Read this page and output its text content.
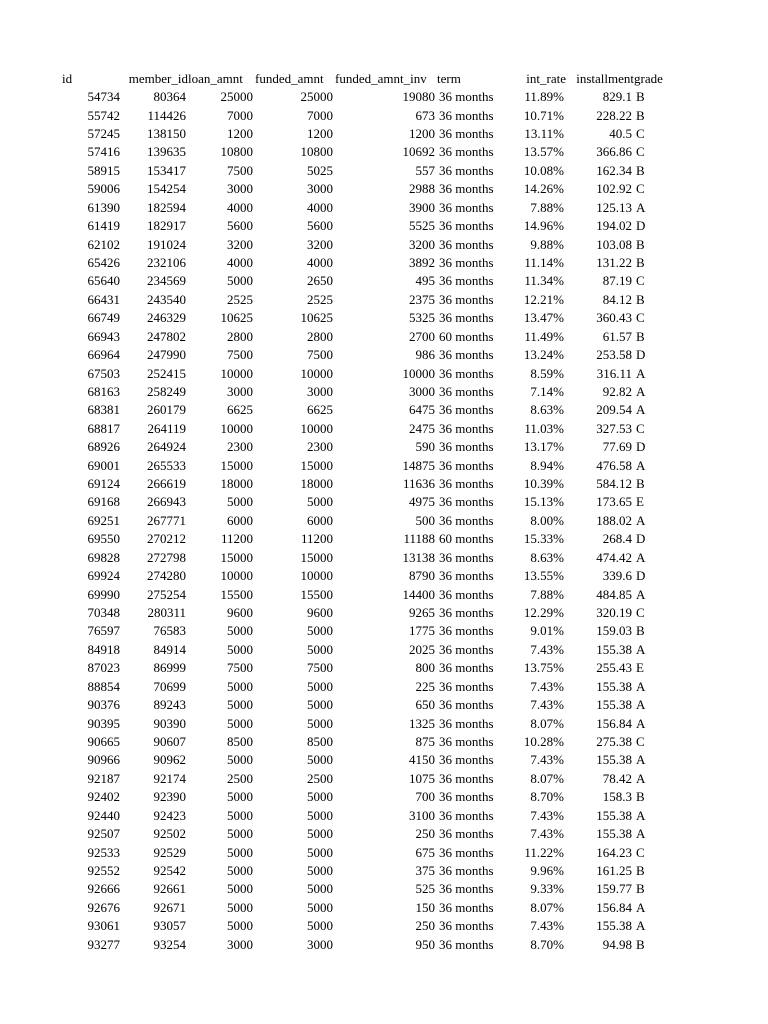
id	member_id	loan_amnt	funded_amnt	funded_amnt_inv	term	int_rate	installment	grade
54734	80364	25000	25000	19080	36 months	11.89%	829.1	B
55742	114426	7000	7000	673	36 months	10.71%	228.22	B
57245	138150	1200	1200	1200	36 months	13.11%	40.5	C
57416	139635	10800	10800	10692	36 months	13.57%	366.86	C
58915	153417	7500	5025	557	36 months	10.08%	162.34	B
59006	154254	3000	3000	2988	36 months	14.26%	102.92	C
61390	182594	4000	4000	3900	36 months	7.88%	125.13	A
61419	182917	5600	5600	5525	36 months	14.96%	194.02	D
62102	191024	3200	3200	3200	36 months	9.88%	103.08	B
65426	232106	4000	4000	3892	36 months	11.14%	131.22	B
65640	234569	5000	2650	495	36 months	11.34%	87.19	C
66431	243540	2525	2525	2375	36 months	12.21%	84.12	B
66749	246329	10625	10625	5325	36 months	13.47%	360.43	C
66943	247802	2800	2800	2700	60 months	11.49%	61.57	B
66964	247990	7500	7500	986	36 months	13.24%	253.58	D
67503	252415	10000	10000	10000	36 months	8.59%	316.11	A
68163	258249	3000	3000	3000	36 months	7.14%	92.82	A
68381	260179	6625	6625	6475	36 months	8.63%	209.54	A
68817	264119	10000	10000	2475	36 months	11.03%	327.53	C
68926	264924	2300	2300	590	36 months	13.17%	77.69	D
69001	265533	15000	15000	14875	36 months	8.94%	476.58	A
69124	266619	18000	18000	11636	36 months	10.39%	584.12	B
69168	266943	5000	5000	4975	36 months	15.13%	173.65	E
69251	267771	6000	6000	500	36 months	8.00%	188.02	A
69550	270212	11200	11200	11188	60 months	15.33%	268.4	D
69828	272798	15000	15000	13138	36 months	8.63%	474.42	A
69924	274280	10000	10000	8790	36 months	13.55%	339.6	D
69990	275254	15500	15500	14400	36 months	7.88%	484.85	A
70348	280311	9600	9600	9265	36 months	12.29%	320.19	C
76597	76583	5000	5000	1775	36 months	9.01%	159.03	B
84918	84914	5000	5000	2025	36 months	7.43%	155.38	A
87023	86999	7500	7500	800	36 months	13.75%	255.43	E
88854	70699	5000	5000	225	36 months	7.43%	155.38	A
90376	89243	5000	5000	650	36 months	7.43%	155.38	A
90395	90390	5000	5000	1325	36 months	8.07%	156.84	A
90665	90607	8500	8500	875	36 months	10.28%	275.38	C
90966	90962	5000	5000	4150	36 months	7.43%	155.38	A
92187	92174	2500	2500	1075	36 months	8.07%	78.42	A
92402	92390	5000	5000	700	36 months	8.70%	158.3	B
92440	92423	5000	5000	3100	36 months	7.43%	155.38	A
92507	92502	5000	5000	250	36 months	7.43%	155.38	A
92533	92529	5000	5000	675	36 months	11.22%	164.23	C
92552	92542	5000	5000	375	36 months	9.96%	161.25	B
92666	92661	5000	5000	525	36 months	9.33%	159.77	B
92676	92671	5000	5000	150	36 months	8.07%	156.84	A
93061	93057	5000	5000	250	36 months	7.43%	155.38	A
93277	93254	3000	3000	950	36 months	8.70%	94.98	B
